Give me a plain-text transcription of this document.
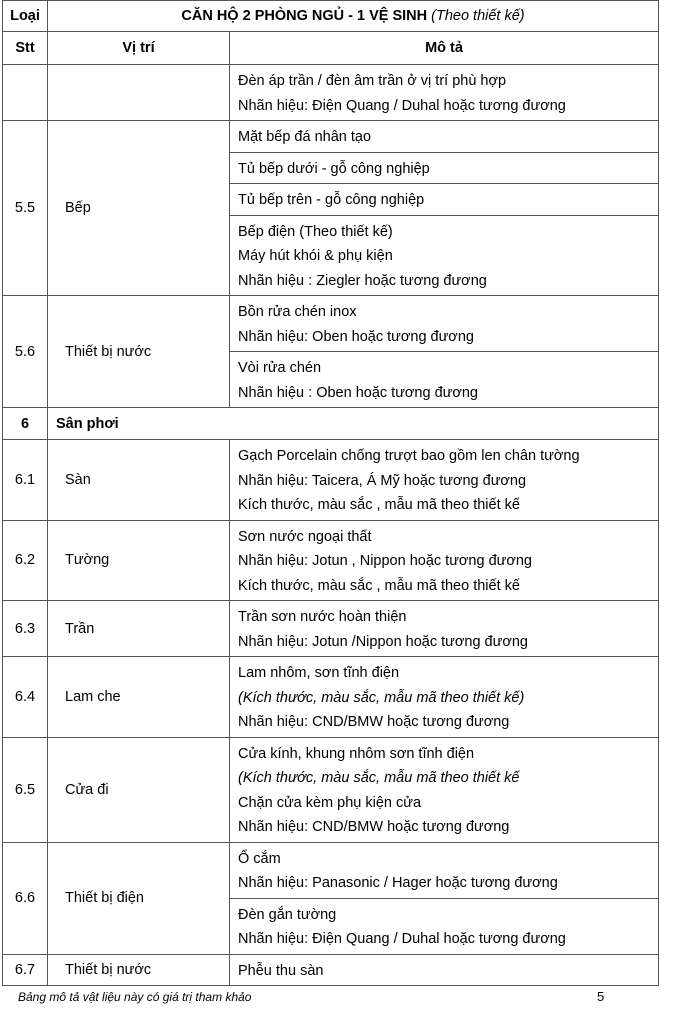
Loại	CĂN HỘ 2 PHÒNG NGỦ - 1 VỆ SINH (Theo thiết kế)	
Stt	Vị trí	Mô tả

		Đèn áp trần / đèn âm trần ở vị trí phù hợp
Nhãn hiệu: Điện Quang / Duhal hoặc tương đương

5.5	Bếp	Mặt bếp đá nhân tạo

		Tủ bếp dưới - gỗ công nghiệp

		Tủ bếp trên - gỗ công nghiệp

		Bếp điện (Theo thiết kế)
Máy hút khói & phụ kiện
Nhãn hiệu : Ziegler hoặc tương đương

5.6	Thiết bị nước	Bồn rửa chén inox
Nhãn hiệu: Oben hoặc tương đương

		Vòi rửa chén
Nhãn hiệu : Oben hoặc tương đương

6	Sân phơi	
6.1	Sàn	Gạch Porcelain chống trượt bao gồm len chân tường
Nhãn hiệu: Taicera, Á Mỹ hoặc tương đương
Kích thước, màu sắc , mẫu mã theo thiết kế

6.2	Tường	Sơn nước ngoại thất
Nhãn hiệu: Jotun , Nippon hoặc tương đương
Kích thước, màu sắc , mẫu mã theo thiết kế

6.3	Trần	Trần sơn nước hoàn thiện
Nhãn hiệu: Jotun /Nippon hoặc tương đương

6.4	Lam che	Lam nhôm, sơn tĩnh điện
(Kích thước, màu sắc, mẫu mã theo thiết kế)
Nhãn hiệu: CND/BMW hoặc tương đương

6.5	Cửa đi	Cửa kính, khung nhôm sơn tĩnh điện
(Kích thước, màu sắc, mẫu mã theo thiết kế
Chặn cửa kèm phụ kiện cửa
Nhãn hiệu: CND/BMW hoặc tương đương

6.6	Thiết bị điện	Ổ cắm
Nhãn hiệu: Panasonic / Hager hoặc tương đương

		Đèn gắn tường
Nhãn hiệu: Điện Quang / Duhal hoặc tương đương

6.7	Thiết bị nước	Phễu thu sàn
Bảng mô tả vật liệu này có giá trị tham khảo	5
